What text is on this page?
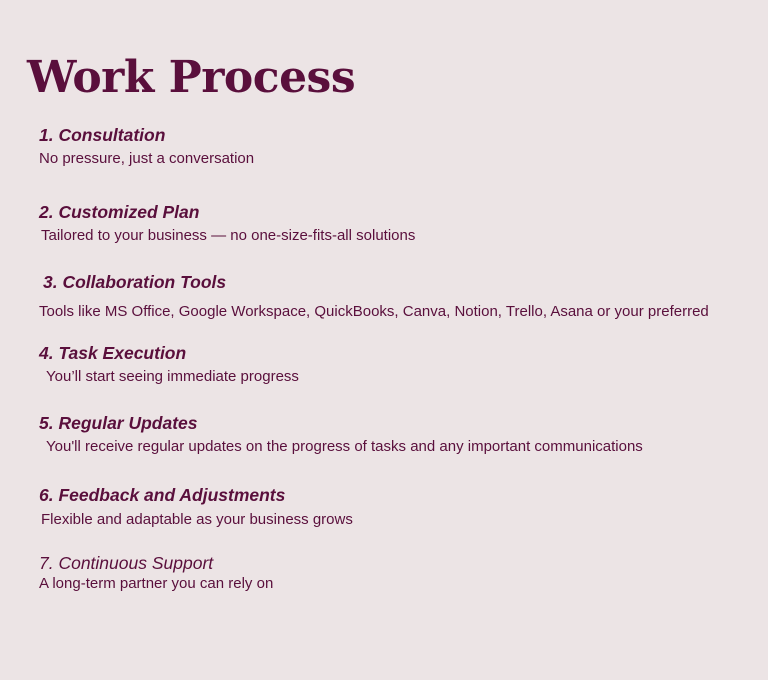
Work Process
1. Consultation
No pressure, just a conversation
2. Customized Plan
Tailored to your business — no one-size-fits-all solutions
3. Collaboration Tools
Tools like MS Office, Google Workspace, QuickBooks, Canva, Notion, Trello, Asana or your preferred
4. Task Execution
You’ll start seeing immediate progress
5. Regular Updates
You'll receive regular updates on the progress of tasks and any important communications
6. Feedback and Adjustments
Flexible and adaptable as your business grows
7. Continuous Support
A long-term partner you can rely on
